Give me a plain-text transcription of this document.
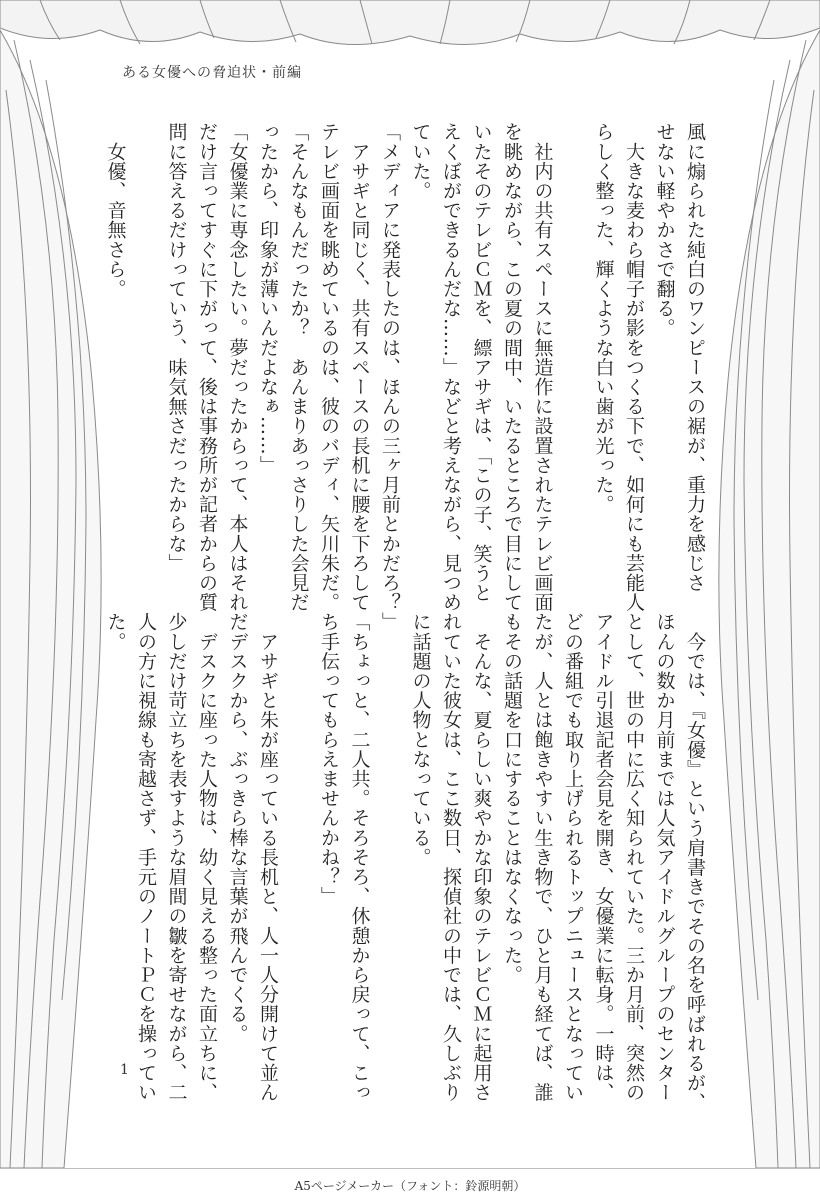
ある女優への脅迫状・前編
風に煽られた純白のワンピースの裾が、重力を感じさ
せない軽やかさで翻る。
　大きな麦わら帽子が影をつくる下で、如何にも芸能人
らしく整った、輝くような白い歯が光った。

　社内の共有スペースに無造作に設置されたテレビ画面
を眺めながら、この夏の間中、いたるところで目にして
いたそのテレビＣＭを、縹アサギは、「この子、笑うと
えくぼができるんだな……」などと考えながら、見つめ
ていた。
「メディアに発表したのは、ほんの三ヶ月前とかだろ？」
　アサギと同じく、共有スペースの長机に腰を下ろして
テレビ画面を眺めているのは、彼のバディ、矢川朱だ。
「そんなもんだったか？　あんまりあっさりした会見だ
ったから、印象が薄いんだよなぁ……」
「女優業に専念したい。夢だったからって、本人はそれ
だけ言ってすぐに下がって、後は事務所が記者からの質
問に答えるだけっていう、味気無さだったからな」

　女優、音無さら。
　今では、『女優』という肩書きでその名を呼ばれるが、
ほんの数か月前までは人気アイドルグループのセンター
として、世の中に広く知られていた。三か月前、突然の
アイドル引退記者会見を開き、女優業に転身。一時は、
どの番組でも取り上げられるトップニュースとなってい
たが、人とは飽きやすい生き物で、ひと月も経てば、誰
もその話題を口にすることはなくなった。
　そんな、夏らしい爽やかな印象のテレビＣＭに起用さ
れていた彼女は、ここ数日、探偵社の中では、久しぶり
に話題の人物となっている。

「ちょっと、二人共。そろそろ、休憩から戻って、こっ
ち手伝ってもらえませんかね？」

　アサギと朱が座っている長机と、人一人分開けて並ん
だデスクから、ぶっきら棒な言葉が飛んでくる。
　デスクに座った人物は、幼く見える整った面立ちに、
少しだけ苛立ちを表すような眉間の皺を寄せながら、二
人の方に視線も寄越さず、手元のノートＰＣを操ってい
た。
1
A5ページメーカー（フォント：鈴源明朝）
